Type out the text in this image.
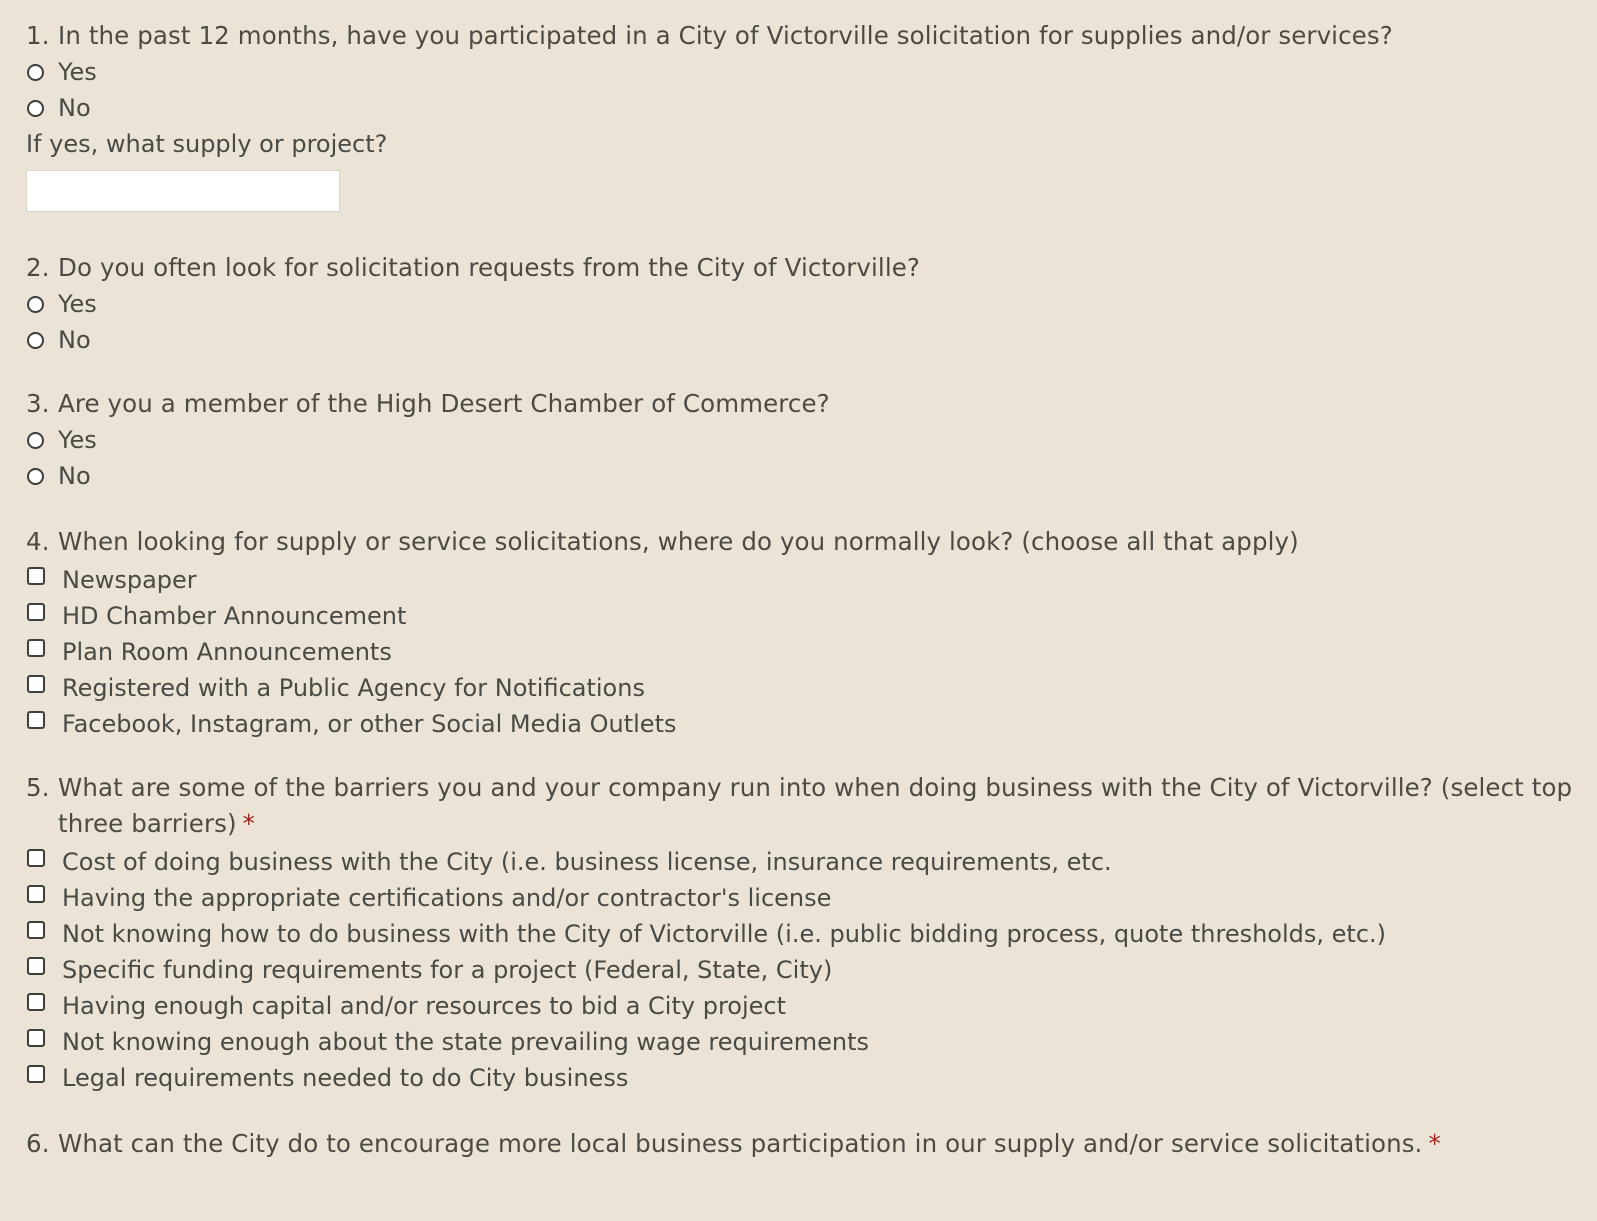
1. In the past 12 months, have you participated in a City of Victorville solicitation for supplies and/or services?
Yes
No
If yes, what supply or project?
2. Do you often look for solicitation requests from the City of Victorville?
Yes
No
3. Are you a member of the High Desert Chamber of Commerce?
Yes
No
4. When looking for supply or service solicitations, where do you normally look? (choose all that apply)
Newspaper
HD Chamber Announcement
Plan Room Announcements
Registered with a Public Agency for Notifications
Facebook, Instagram, or other Social Media Outlets
5. What are some of the barriers you and your company run into when doing business with the City of Victorville? (select top three barriers) *
Cost of doing business with the City (i.e. business license, insurance requirements, etc.
Having the appropriate certifications and/or contractor's license
Not knowing how to do business with the City of Victorville (i.e. public bidding process, quote thresholds, etc.)
Specific funding requirements for a project (Federal, State, City)
Having enough capital and/or resources to bid a City project
Not knowing enough about the state prevailing wage requirements
Legal requirements needed to do City business
6. What can the City do to encourage more local business participation in our supply and/or service solicitations. *
